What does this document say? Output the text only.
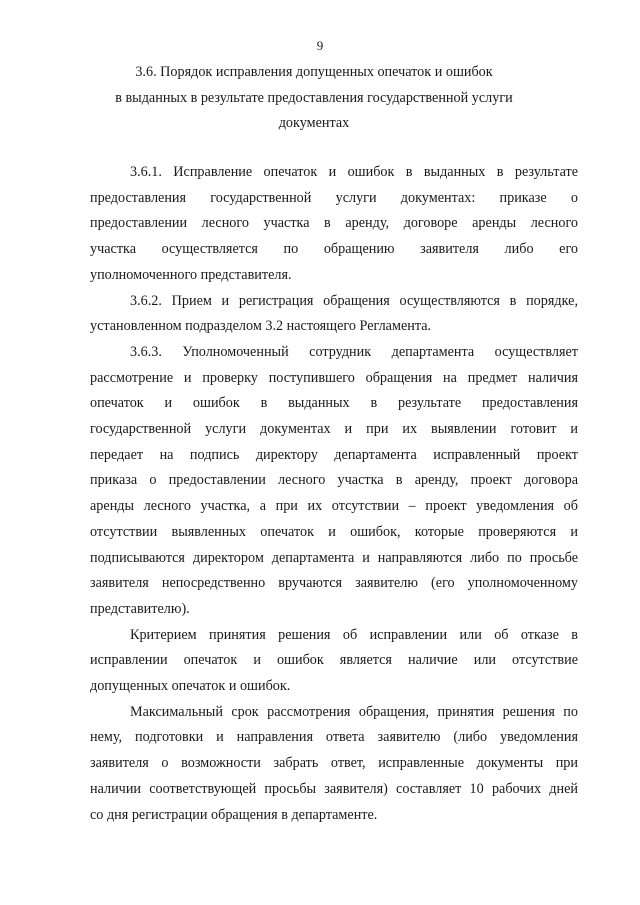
9
3.6. Порядок исправления допущенных опечаток и ошибок
в выданных в результате предоставления государственной услуги
документах
3.6.1. Исправление опечаток и ошибок в выданных в результате
предоставления государственной услуги документах: приказе о
предоставлении лесного участка в аренду, договоре аренды лесного
участка осуществляется по обращению заявителя либо его
уполномоченного представителя.
3.6.2. Прием и регистрация обращения осуществляются в порядке,
установленном подразделом 3.2 настоящего Регламента.
3.6.3. Уполномоченный сотрудник департамента осуществляет
рассмотрение и проверку поступившего обращения на предмет наличия
опечаток и ошибок в выданных в результате предоставления
государственной услуги документах и при их выявлении готовит и
передает на подпись директору департамента исправленный проект
приказа о предоставлении лесного участка в аренду, проект договора
аренды лесного участка, а при их отсутствии – проект уведомления об
отсутствии выявленных опечаток и ошибок, которые проверяются и
подписываются директором департамента и направляются либо по просьбе
заявителя непосредственно вручаются заявителю (его уполномоченному
представителю).
Критерием принятия решения об исправлении или об отказе в
исправлении опечаток и ошибок является наличие или отсутствие
допущенных опечаток и ошибок.
Максимальный срок рассмотрения обращения, принятия решения по
нему, подготовки и направления ответа заявителю (либо уведомления
заявителя о возможности забрать ответ, исправленные документы при
наличии соответствующей просьбы заявителя) составляет 10 рабочих дней
со дня регистрации обращения в департаменте.
